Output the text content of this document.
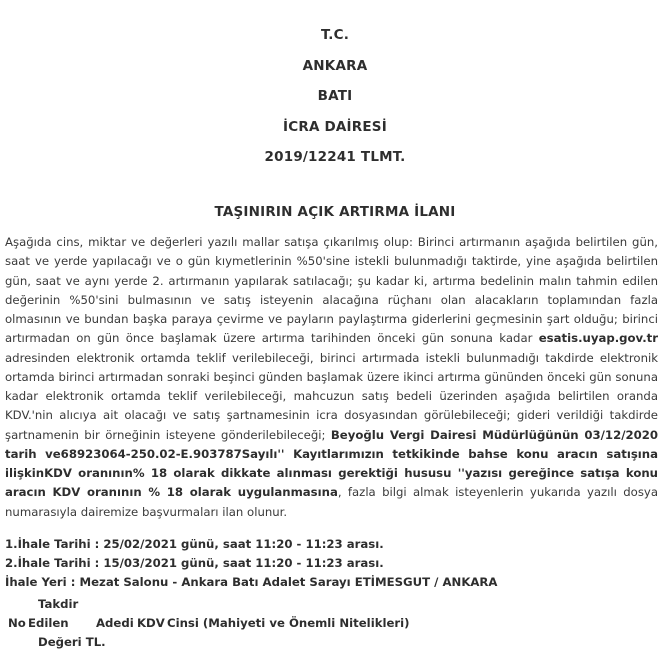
T.C.
ANKARA
BATI
İCRA DAİRESİ
2019/12241 TLMT.
TAŞINIRIN AÇIK ARTIRMA İLANI
Aşağıda cins, miktar ve değerleri yazılı mallar satışa çıkarılmış olup: Birinci artırmanın aşağıda belirtilen gün, saat ve yerde yapılacağı ve o gün kıymetlerinin %50'sine istekli bulunmadığı taktirde, yine aşağıda belirtilen gün, saat ve aynı yerde 2. artırmanın yapılarak satılacağı; şu kadar ki, artırma bedelinin malın tahmin edilen değerinin %50'sini bulmasının ve satış isteyenin alacağına rüçhanı olan alacakların toplamından fazla olmasının ve bundan başka paraya çevirme ve payların paylaştırma giderlerini geçmesinin şart olduğu; birinci artırmadan on gün önce başlamak üzere artırma tarihinden önceki gün sonuna kadar esatis.uyap.gov.tr adresinden elektronik ortamda teklif verilebileceği, birinci artırmada istekli bulunmadığı takdirde elektronik ortamda birinci artırmadan sonraki beşinci günden başlamak üzere ikinci artırma gününden önceki gün sonuna kadar elektronik ortamda teklif verilebileceği, mahcuzun satış bedeli üzerinden aşağıda belirtilen oranda KDV.'nin alıcıya ait olacağı ve satış şartnamesinin icra dosyasından görülebileceği; gideri verildiği takdirde şartnamenin bir örneğinin isteyene gönderilebileceği; Beyoğlu Vergi Dairesi Müdürlüğünün 03/12/2020 tarih ve68923064-250.02-E.903787Sayılı'' Kayıtlarımızın tetkikinde bahse konu aracın satışına ilişkinKDV oranının% 18 olarak dikkate alınması gerektiği hususu ''yazısı gereğince satışa konu aracın KDV oranının % 18 olarak uygulanmasına, fazla bilgi almak isteyenlerin yukarıda yazılı dosya numarasıyla dairemize başvurmaları ilan olunur.
1.İhale Tarihi : 25/02/2021 günü, saat 11:20 - 11:23 arası.
2.İhale Tarihi : 15/03/2021 günü, saat 11:20 - 11:23 arası.
İhale Yeri : Mezat Salonu - Ankara Batı Adalet Sarayı ETİMESGUT / ANKARA
Takdir
No Edilen
Değeri TL.
Adedi KDV Cinsi (Mahiyeti ve Önemli Nitelikleri)
